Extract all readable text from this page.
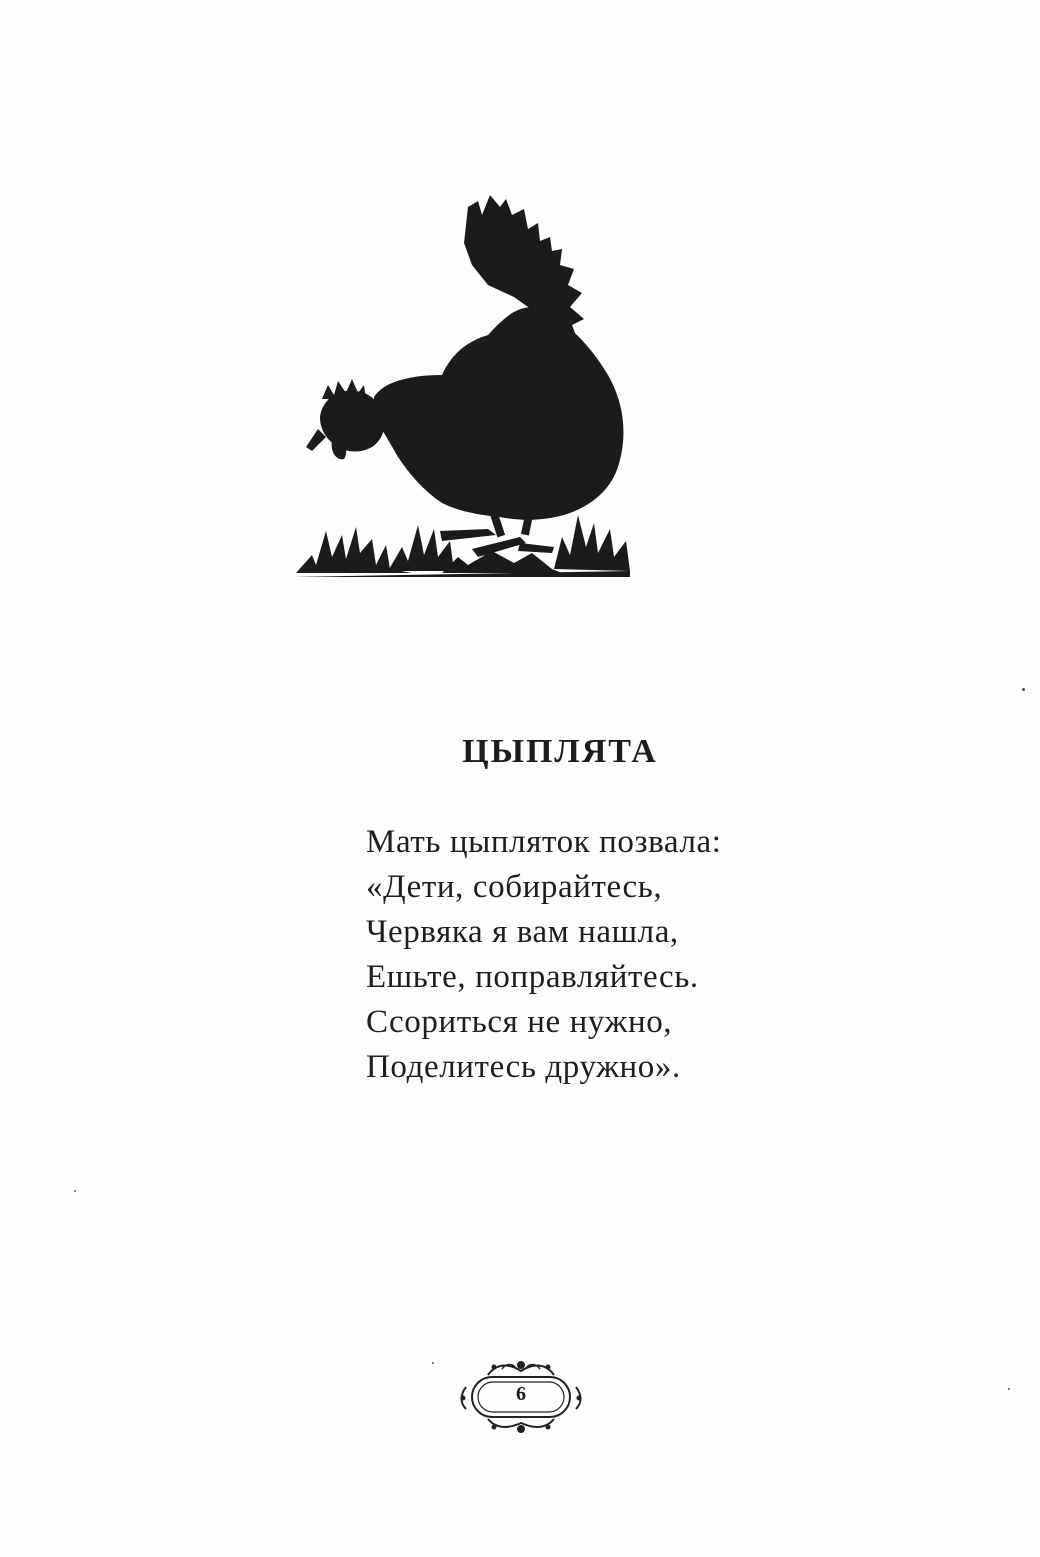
ЦЫПЛЯТА
Мать цыпляток позвала:
«Дети, собирайтесь,
Червяка я вам нашла,
Ешьте, поправляйтесь.
Ссориться не нужно,
Поделитесь дружно».
6
